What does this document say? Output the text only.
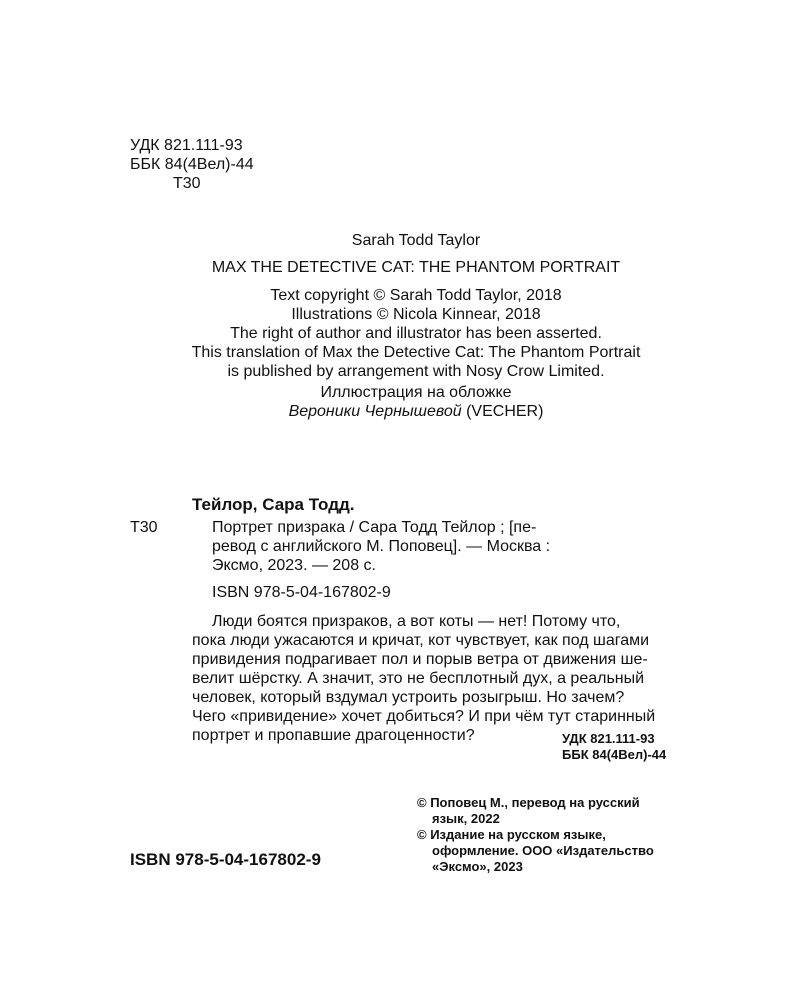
УДК 821.111-93
ББК 84(4Вел)-44
Т30
Sarah Todd Taylor
MAX THE DETECTIVE CAT: THE PHANTOM PORTRAIT
Text copyright © Sarah Todd Taylor, 2018
Illustrations © Nicola Kinnear, 2018
The right of author and illustrator has been asserted.
This translation of Max the Detective Cat: The Phantom Portrait
is published by arrangement with Nosy Crow Limited.
Иллюстрация на обложке
Вероники Чернышевой (VECHER)
Тейлор, Сара Тодд.
Т30	Портрет призрака / Сара Тодд Тейлор ; [пе-
ревод с английского М. Поповец]. — Москва :
Эксмо, 2023. — 208 с.
ISBN 978-5-04-167802-9
Люди боятся призраков, а вот коты — нет! Потому что,
пока люди ужасаются и кричат, кот чувствует, как под шагами
привидения подрагивает пол и порыв ветра от движения ше-
велит шёрстку. А значит, это не бесплотный дух, а реальный
человек, который вздумал устроить розыгрыш. Но зачем?
Чего «привидение» хочет добиться? И при чём тут старинный
портрет и пропавшие драгоценности?	УДК 821.111-93
ББК 84(4Вел)-44
© Поповец М., перевод на русский
язык, 2022
© Издание на русском языке,
оформление. ООО «Издательство
«Эксмо», 2023
ISBN 978-5-04-167802-9
